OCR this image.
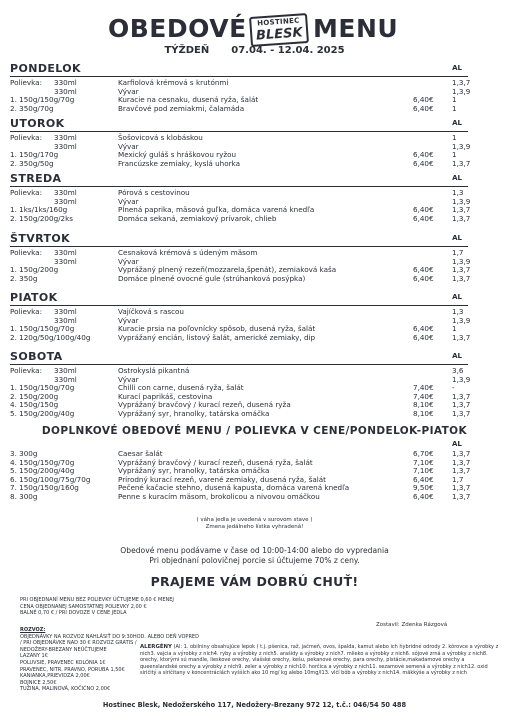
OBEDOVÉ	HOSTINEC
BLESK MENU
TÝŽDEŇ 07.04. - 12.04. 2025
PONDELOK	AL
Polievka: 330ml	Karfiolová krémová s krutónmi	1,3,7
330ml	Vývar	1,3,9
1. 150g/150g/70g	Kuracie na cesnaku, dusená ryža, šalát	6,40€	1
2. 350g/70g	Bravčové pod zemiakmi, čalamáda	6,40€	1
UTOROK	AL
Polievka: 330ml	Šošovicová s klobáskou	1
330ml	Vývar	1,3,9
1. 150g/170g	Mexický guláš s hráškovou ryžou	6,40€	1
2. 350g/50g	Francúzske zemiaky, kyslá uhorka	6,40€	1,3,7
STREDA	AL
Polievka: 330ml	Pórová s cestovinou	1,3
330ml	Vývar	1,3,9
1. 1ks/1ks/160g	Plnená paprika, mäsová guľka, domáca varená knedľa	6,40€	1,3,7
2. 150g/200g/2ks	Domáca sekaná, zemiakový prívarok, chlieb	6,40€	1,3,7
ŠTVRTOK	AL
Polievka: 330ml	Cesnaková krémová s údeným mäsom	1,7
330ml	Vývar	1,3,9
1. 150g/200g	Vyprážaný plnený rezeň(mozzarela,špenát), zemiaková kaša	6,40€	1,3,7
2. 350g	Domáce plnené ovocné gule (strúhanková posýpka)	6,40€	1,3,7
PIATOK	AL
Polievka: 330ml	Vajíčková s rascou	1,3
330ml	Vývar	1,3,9
1. 150g/150g/70g	Kuracie prsia na poľovnícky spôsob, dusená ryža, šalát	6,40€	1
2. 120g/50g/100g/40g	Vyprážaný encián, listový šalát, americké zemiaky, dip	6,40€	1,3,7
SOBOTA	AL
Polievka: 330ml	Ostrokyslá pikantná	3,6
330ml	Vývar	1,3,9
1. 150g/150g/70g	Chilli con carne, dusená ryža, šalát	7,40€	-
2. 150g/200g	Kurací paprikáš, cestovina	7,40€	1,3,7
4. 150g/150g	Vyprážaný bravčový / kurací rezeň, dusená ryža	8,10€	1,3,7
5. 150g/200g/40g	Vyprážaný syr, hranolky, tatárska omáčka	8,10€	1,3,7
DOPLNKOVÉ OBEDOVÉ MENU / POLIEVKA V CENE/PONDELOK-PIATOK
AL
3. 300g	Caesar šalát	6,70€	1,3,7
4. 150g/150g/70g	Vyprážaný bravčový / kurací rezeň, dusená ryža, šalát	7,10€	1,3,7
5. 150g/200g/40g	Vyprážaný syr, hranolky, tatárska omáčka	7,10€	1,3,7
6. 150g/100g/75g/70g	Prírodný kurací rezeň, varené zemiaky, dusená ryža, šalát	6,40€	1,7
7. 150g/150g/160g	Pečené kačacie stehno, dusená kapusta, domáca varená knedľa	9,50€	1,3,7
8. 300g	Penne s kuracím mäsom, brokolicou a nivovou omáčkou	6,40€	1,3,7
( váha jedla je uvedená v surovom stave )
Zmena jedálneho lístka vyhradená!
Obedové menu podávame v čase od 10:00-14:00 alebo do vypredania
Pri objednaní polovičnej porcie si účtujeme 70% z ceny.
PRAJEME VÁM DOBRÚ CHUŤ!
PRI OBJEDNANÍ MENU BEZ POLIEVKY ÚČTUJEME 0,60 € MENEJ
CENA OBJEDNANEJ SAMOSTATNEJ POLIEVKY 2,00 €
BALNÉ 0,70 € / PRI DOVOZE V CENE JEDLA
ROZVOZ:
OBJEDNÁVKY NA ROZVOZ NAHLÁSIŤ DO 9:30HOD. ALEBO DEŇ VOPRED
/ PRI OBJEDNÁVKE NAD 30 € ROZVOZ GRATIS /
NEDOŽERY-BREZANY NEÚČTUJEME
LAZANY 1€
POLUVSIE, PRAVENEC KOLÓNIA 1€
PRAVENEC, NITR. PRAVNO, PORUBA 1,50€
KANIANKA,PRIEVIDZA 2,00€
BOJNICE 2,50€
TUŽINA, MALINOVÁ, KOČIĆNO 2,00€
Zostavil: Zdenka Rázgová
ALERGÉNY (Al: 1. obilniny obsahujúce lepok ( t.j. pšenica, raž, jačmeň, ovos, špalda, kamut alebo ich hybridné odrody 2. kôrovce a výrobky z nich3. vajcia a výrobky z nich4. ryby a výrobky z nich5. arašidy a výrobky z nich7. mlieko a výrobky z nich6. sójové zrná a výrobky z nich8. orechy, ktorými sú mandle, lieskové orechy, vlašské orechy, kešu, pekanové orechy, para orechy, pistácie,makadamové orechy a queenslandské orechy a výrobky z nich9. zeler a výrobky z nich10. horčica a výrobky z nich11. sezamové semená a výrobky z nich12. oxid siričitý a siričitany v koncentráciách vyšších ako 10 mg/ kg alebo 10mg/l13. vlčí bôb a výrobky z nich14. mäkkýše a výrobky z nich
Hostinec Blesk, Nedožerského 117, Nedožery-Brezany 972 12, t.č.: 046/54 50 488
